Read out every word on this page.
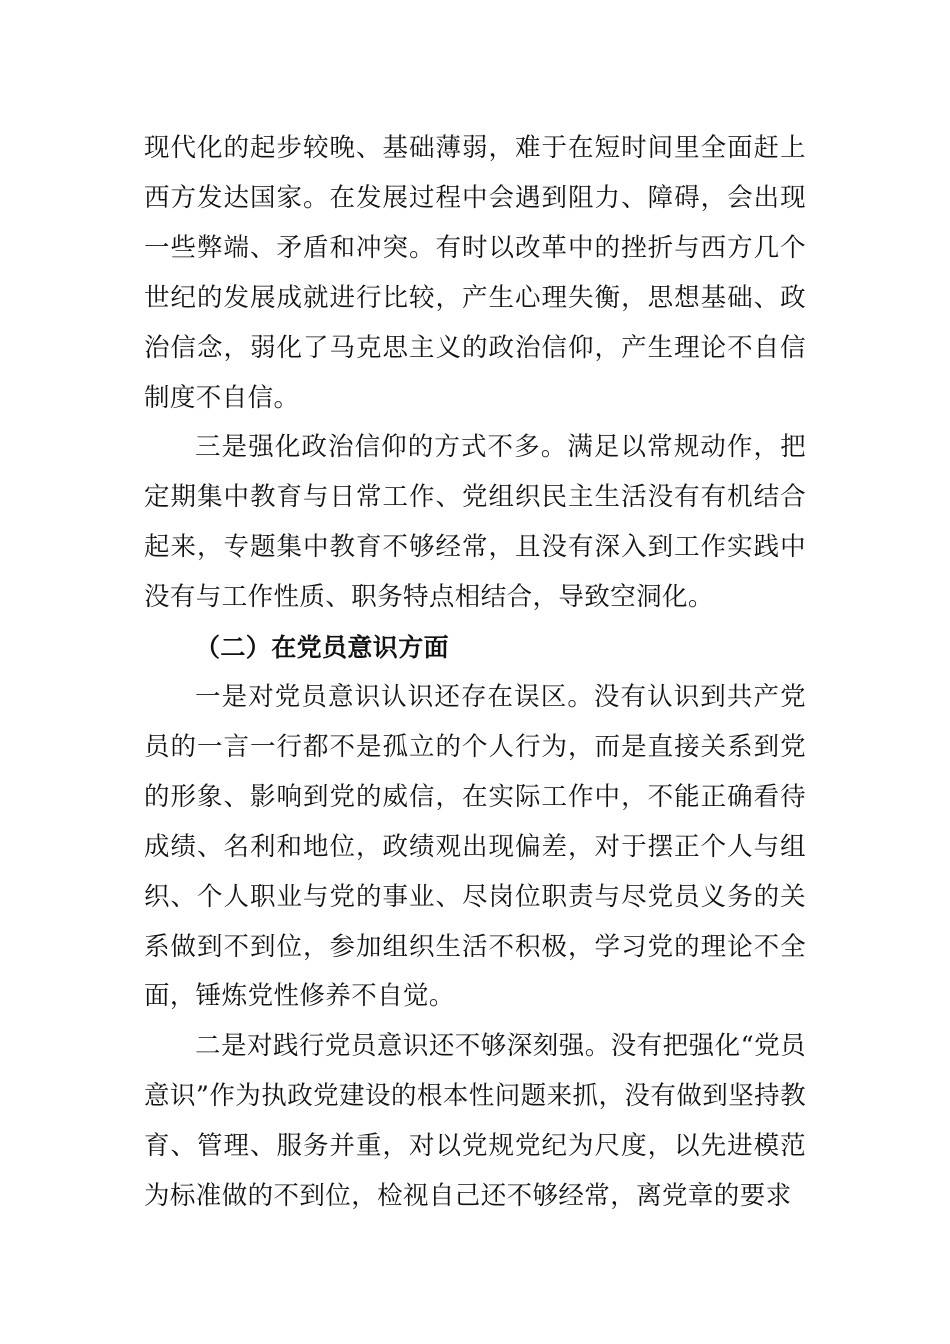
现代化的起步较晚、基础薄弱，难于在短时间里全面赶上西方发达国家。在发展过程中会遇到阻力、障碍，会出现一些弊端、矛盾和冲突。有时以改革中的挫折与西方几个世纪的发展成就进行比较，产生心理失衡，思想基础、政治信念，弱化了马克思主义的政治信仰，产生理论不自信制度不自信。

三是强化政治信仰的方式不多。满足以常规动作，把定期集中教育与日常工作、党组织民主生活没有有机结合起来，专题集中教育不够经常，且没有深入到工作实践中没有与工作性质、职务特点相结合，导致空洞化。

（二）在党员意识方面

一是对党员意识认识还存在误区。没有认识到共产党员的一言一行都不是孤立的个人行为，而是直接关系到党的形象、影响到党的威信，在实际工作中，不能正确看待成绩、名利和地位，政绩观出现偏差，对于摆正个人与组织、个人职业与党的事业、尽岗位职责与尽党员义务的关系做到不到位，参加组织生活不积极，学习党的理论不全面，锤炼党性修养不自觉。

二是对践行党员意识还不够深刻强。没有把强化“党员意识”作为执政党建设的根本性问题来抓，没有做到坚持教育、管理、服务并重，对以党规党纪为尺度，以先进模范为标准做的不到位，检视自己还不够经常，离党章的要求
